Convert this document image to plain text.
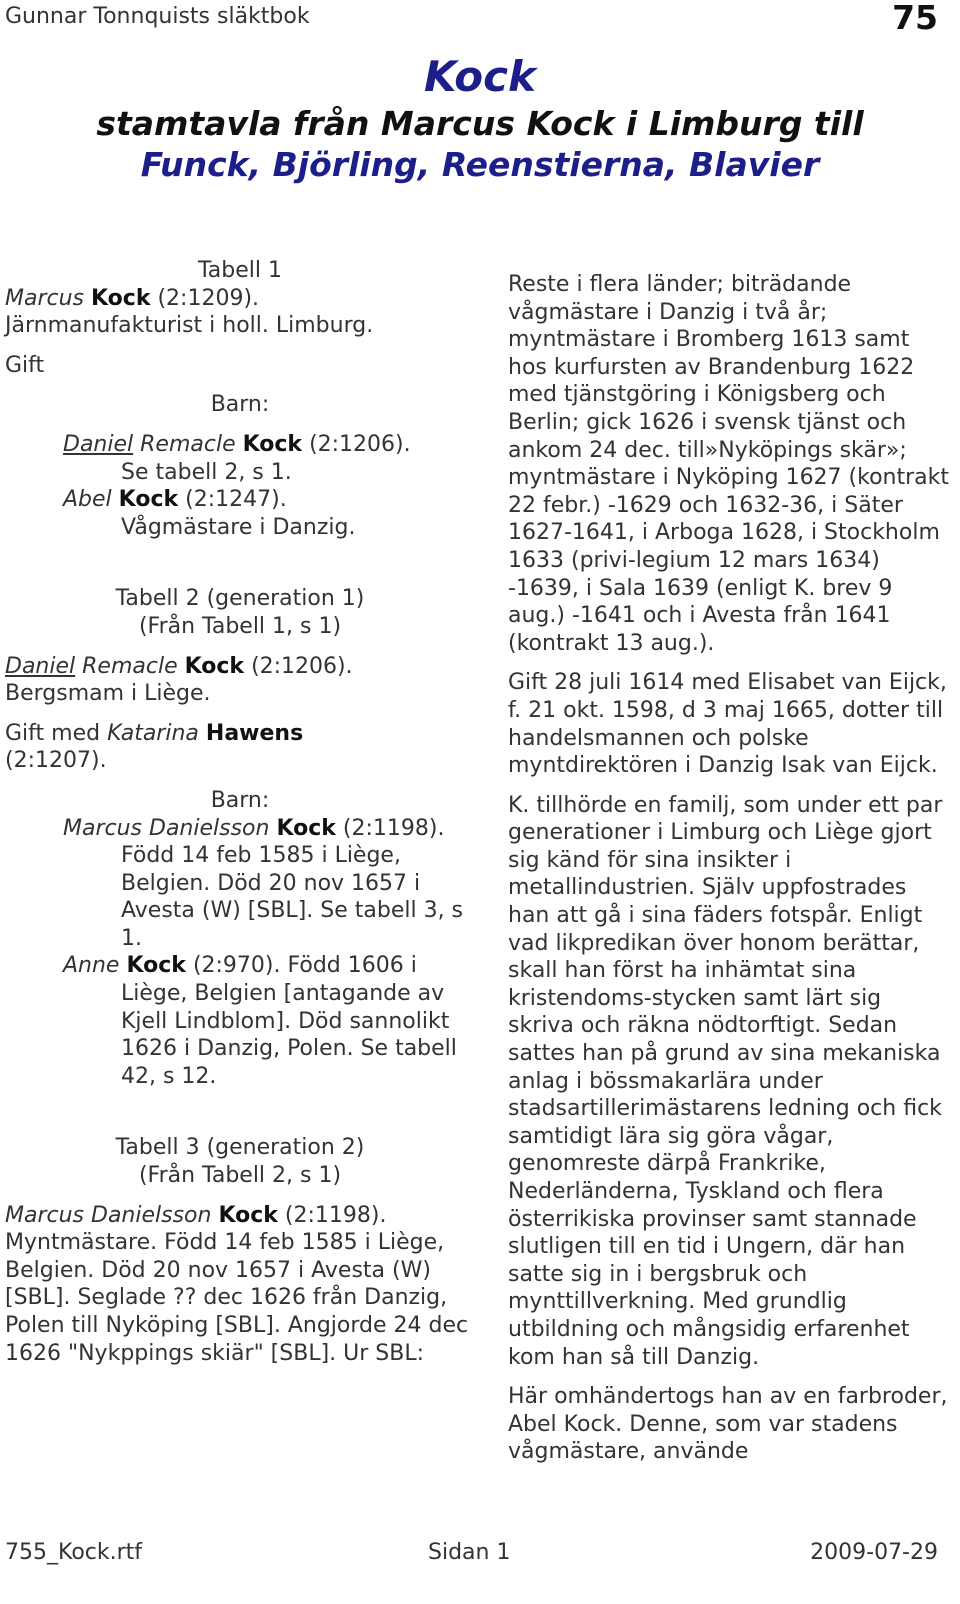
Gunnar Tonnquists släktbok	75
Kock
stamtavla från Marcus Kock i Limburg till
Funck, Björling, Reenstierna, Blavier

Tabell 1

Marcus Kock (2:1209).
Järnmanufakturist i holl. Limburg.

Gift

Barn:

Daniel Remacle Kock (2:1206).
Se tabell 2, s 1.

Abel Kock (2:1247).
Vågmästare i Danzig.

Tabell 2 (generation 1)

(Från Tabell 1, s 1)

Daniel Remacle Kock (2:1206).
Bergsmam i Liège.

Gift med Katarina Hawens
(2:1207).

Barn:

Marcus Danielsson Kock (2:1198). Född 14 feb 1585 i Liège, Belgien. Död 20 nov 1657 i Avesta (W) [SBL]. Se tabell 3, s 1.

Anne Kock (2:970). Född 1606 i Liège, Belgien [antagande av Kjell Lindblom]. Död sannolikt 1626 i Danzig, Polen. Se tabell 42, s 12.

Tabell 3 (generation 2)

(Från Tabell 2, s 1)

Marcus Danielsson Kock (2:1198). Myntmästare. Född 14 feb 1585 i Liège, Belgien. Död 20 nov 1657 i Avesta (W) [SBL]. Seglade ?? dec 1626 från Danzig, Polen till Nyköping [SBL]. Angjorde 24 dec 1626 "Nykppings skiär" [SBL]. Ur SBL:

Reste i flera länder; biträdande vågmästare i Danzig i två år; myntmästare i Bromberg 1613 samt hos kurfursten av Brandenburg 1622 med tjänstgöring i Königsberg och Berlin; gick 1626 i svensk tjänst och ankom 24 dec. till»Nyköpings skär»; myntmästare i Nyköping 1627 (kontrakt 22 febr.) -1629 och 1632-36, i Säter 1627-1641, i Arboga 1628, i Stockholm 1633 (privi-legium 12 mars 1634) -1639, i Sala 1639 (enligt K. brev 9 aug.) -1641 och i Avesta från 1641 (kontrakt 13 aug.).

Gift 28 juli 1614 med Elisabet van Eijck, f. 21 okt. 1598, d 3 maj 1665, dotter till handelsmannen och polske myntdirektören i Danzig Isak van Eijck.

K. tillhörde en familj, som under ett par generationer i Limburg och Liège gjort sig känd för sina insikter i metallindustrien. Själv uppfostrades han att gå i sina fäders fotspår. Enligt vad likpredikan över honom berättar, skall han först ha inhämtat sina kristendoms-stycken samt lärt sig skriva och räkna nödtorftigt. Sedan sattes han på grund av sina mekaniska anlag i bössmakarlära under stadsartillerimästarens ledning och fick samtidigt lära sig göra vågar, genomreste därpå Frankrike, Nederländerna, Tyskland och flera österrikiska provinser samt stannade slutligen till en tid i Ungern, där han satte sig in i bergsbruk och mynttillverkning. Med grundlig utbildning och mångsidig erfarenhet kom han så till Danzig.

Här omhändertogs han av en farbroder, Abel Kock. Denne, som var stadens vågmästare, använde

755_Kock.rtf	Sidan 1	2009-07-29
